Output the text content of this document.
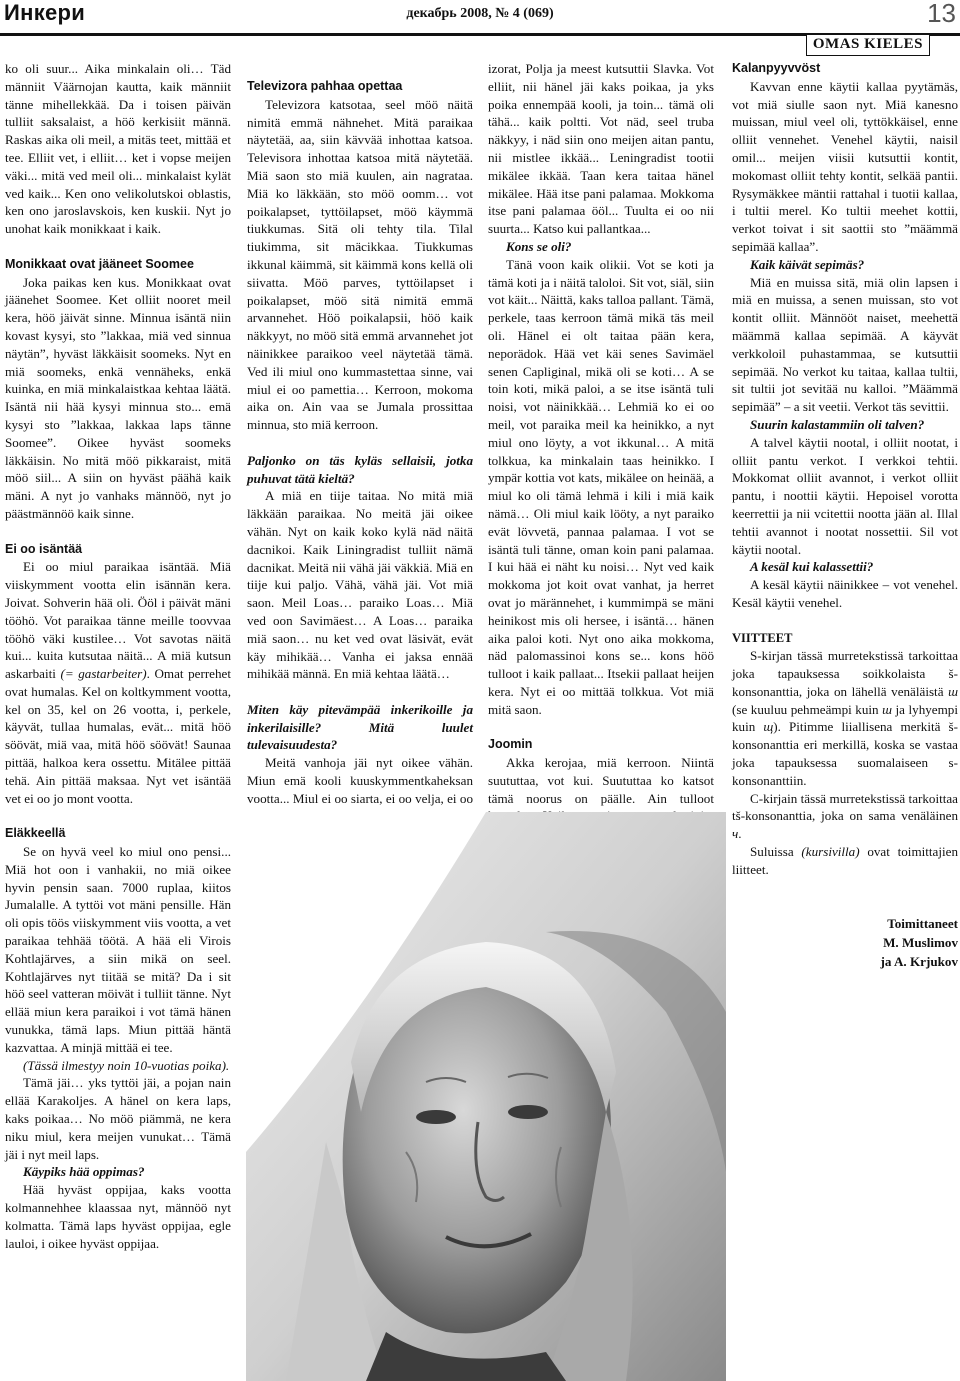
Инкери	декабрь 2008, № 4 (069)	13
OMAS KIELES

ko oli suur... Aika minkalain oli… Täd männiit Väärnojan kautta, kaik männiit tänne mihellekkää. Da i toisen päivän tulliit saksalaist, a höö kerkisiit männä. Raskas aika oli meil, a mitäs teet, mittää et tee. Elliit vet, i elliit… ket i vopse meijen väki... mitä ved meil oli... minkalaist kylät ved kaik... Ken ono velikolutskoi oblastis, ken ono jaroslavskois, ken kuskii. Nyt jo unohat kaik monikkaat i kaik.

Monikkaat ovat jääneet Soomee

Joka paikas ken kus. Monikkaat ovat jäänehet Soomee. Ket olliit nooret meil kera, höö jäivät sinne. Minnua isäntä niin kovast kysyi, sto ”lakkaa, miä ved sinnua näytän”, hyväst läkkäisit soomeks. Nyt en miä soomeks, enkä vennäheks, enkä kuinka, en miä minkalaistkaa kehtaa läätä. Isäntä nii hää kysyi minnua sto... emä kysyi sto ”lakkaa, lakkaa laps tänne Soomee”. Oikee hyväst soomeks läkkäisin. No mitä möö pikkaraist, mitä möö siil... A siin on hyväst päähä kaik mäni. A nyt jo vanhaks männöö, nyt jo päästmännöö kaik sinne.

Ei oo isäntää

Ei oo miul paraikaa isäntää. Miä viiskymment vootta elin isännän kera. Joivat. Sohverin hää oli. Ööl i päivät mäni tööhö. Vot paraikaa tänne meille toovvaa tööhö väki kustilee… Vot savotas näitä kui... kuita kutsutaa näitä... A miä kutsun askarbaiti (= gastarbeiter). Omat perrehet ovat humalas. Kel on koltkymment vootta, kel on 35, kel on 26 vootta, i, perkele, käyvät, tullaa humalas, evät... mitä höö söövät, miä vaa, mitä höö söövät! Saunaa pittää, halkoa kera ossettu. Mitälee pittää tehä. Ain pittää maksaa. Nyt vet isäntää vet ei oo jo mont vootta.

Eläkkeellä

Se on hyvä veel ko miul ono pensi... Miä hot oon i vanhakii, no miä oikee hyvin pensin saan. 7000 ruplaa, kiitos Jumalalle. A tyttöi vot mäni pensille. Hän oli opis töös viiskymment viis vootta, a vet paraikaa tehhää töötä. A hää eli Virois Kohtlajärves, a siin mikä on seel. Kohtlajärves nyt tiitää se mitä? Da i sit höö seel vatteran möivät i tulliit tänne. Nyt ellää miun kera paraikoi i vot tämä hänen vunukka, tämä laps. Miun pittää häntä kazvattaa. A minjä mittää ei tee.

(Tässä ilmestyy noin 10-vuotias poika).

Tämä jäi… yks tyttöi jäi, a pojan nain ellää Karakoljes. A hänel on kera laps, kaks poikaa… No möö piämmä, ne kera niku miul, kera meijen vunukat… Tämä jäi i nyt meil laps.

Käypiks hää oppimas?

Hää hyväst oppijaa, kaks vootta kolmannehhee klaassaa nyt, männöö nyt kolmatta. Tämä laps hyväst oppijaa, egle lauloi, i oikee hyväst oppijaa.

Televizora pahhaa opettaa

Televizora katsotaa, seel möö näitä nimitä emmä nähnehet. Mitä paraikaa näytetää, aa, siin kävvää inhottaa katsoa. Televisora inhottaa katsoa mitä näytetää. Miä saon sto miä kuulen, ain nagrataa. Miä ko läkkään, sto möö oomm… vot poikalapset, tyttöilapset, möö käymmä tiukkumas. Sitä oli tehty tila. Tilal tiukimma, sit mäcikkaa. Tiukkumas ikkunal käimmä, sit käimmä kons kellä oli siivatta. Möö parves, tyttöilapset i poikalapset, möö sitä nimitä emmä arvannehet. Höö poikalapsii, höö kaik näkkyyt, no möö sitä emmä arvannehet jot näinikkee paraikoo veel näytetää tämä. Ved ili miul ono kummastettaa sinne, vai miul ei oo pamettia… Kerroon, mokoma aika on. Ain vaa se Jumala prossittaa minnua, sto miä kerroon.

Paljonko on täs kyläs sellaisii, jotka puhuvat tätä kieltä?

A miä en tiije taitaa. No mitä miä läkkään paraikaa. No meitä jäi oikee vähän. Nyt on kaik koko kylä näd näitä dacnikoi. Kaik Liningradist tulliit nämä dacnikat. Meitä nii vähä jäi väkkiä. Miä en tiije kui paljo. Vähä, vähä jäi. Vot miä saon. Meil Loas… paraiko Loas… Miä ved oon Savimäest… A Loas… paraika miä saon… nu ket ved ovat läsivät, evät käy mihikää… Vanha ei jaksa ennää mihikää männä. En miä kehtaa läätä…

Miten käy pitevämpää inkerikoille ja inkerilaisille? Mitä luulet tulevaisuudesta?

Meitä vanhoja jäi nyt oikee vähän. Miun emä kooli kuuskymmentkaheksan vootta... Miul ei oo siarta, ei oo velja, ei oo

izorat, Polja ja meest kutsuttii Slavka. Vot elliit, nii hänel jäi kaks poikaa, ja yks poika ennempää kooli, ja toin... tämä oli tähä... kaik poltti. Vot näd, seel truba näkkyy, i näd siin ono meijen aitan pantu, nii mistlee ikkää... Leningradist tootii mikälee ikkää. Taan kera taitaa hänel mikälee. Hää itse pani palamaa. Mokkoma itse pani palamaa ööl... Tuulta ei oo nii suurta... Katso kui pallantkaa...

Kons se oli?

Tänä voon kaik olikii. Vot se koti ja tämä koti ja i näitä taloloi. Sit vot, siäl, siin vot käit... Näittä, kaks talloa pallant. Tämä, perkele, taas kerroon tämä mikä täs meil oli. Hänel ei olt taitaa pään kera, neporädok. Hää vet käi senes Savimäel senen Capliginal, mikä oli se koti… A se toin koti, mikä paloi, a se itse isäntä tuli noisi, vot näinikkää… Lehmiä ko ei oo meil, vot paraika meil ka heinikko, a nyt miul ono löyty, a vot ikkunal… A mitä tolkkua, ka minkalain taas heinikko. I ympär kottia vot kats, mikälee on heinää, a miul ko oli tämä lehmä i kili i miä kaik nämä… Oli miul kaik lööty, a nyt paraiko evät lövvetä, pannaa palamaa. I vot se isäntä tuli tänne, oman koin pani palamaa. I kui hää ei näht ku noisi… Nyt ved kaik mokkoma jot koit ovat vanhat, ja herret ovat jo märännehet, i kummimpä se mäni heinikost mis oli hersee, i isäntä… hänen aika paloi koti. Nyt ono aika mokkoma, näd palomassinoi kons se... kons höö tulloot i kaik pallaat... Itsekii pallaat heijen kera. Nyt ei oo mittää tolkkua. Vot miä mitä saon.

Joomin

Akka kerojaa, miä kerroon. Niintä suututtaa, vot kui. Suututtaa ko katsot tämä noorus on päälle. Ain tulloot

Kalanpyyvvöst

Kavvan enne käytii kallaa pyytämäs, vot miä siulle saon nyt. Miä kanesno muissan, miul veel oli, tyttökkäisel, enne olliit vennehet. Venehel käytii, naisil omil... meijen viisii kutsuttii kontit, mokomast olliit tehty kontit, selkää pantii. Rysymäkkee mäntii rattahal i tuotii kallaa, i tultii merel. Ko tultii meehet kottii, verkot toivat i sit saottii sto ”määmmä sepimää kallaa”.

Kaik käivät sepimäs?

Miä en muissa sitä, miä olin lapsen i miä en muissa, a senen muissan, sto vot kontit olliit. Männööt naiset, meehettä määmmä kallaa sepimää. A käyvät verkkoloil puhastammaa, se kutsuttii sepimää. No verkot ku taitaa, kallaa tultii, sit tultii jot sevitää nu kalloi. ”Määmmä sepimää” – a sit veetii. Verkot täs sevittii.

Suurin kalastammiin oli talven?

A talvel käytii nootal, i olliit nootat, i olliit pantu verkot. I verkkoi tehtii. Mokkomat olliit avannot, i verkot olliit pantu, i noottii käytii. Hepoisel vorotta keerrettii ja nii vcitettii nootta jään al. Illal tehtii avannot i nootat nossettii. Sil vot käytii nootal.

A kesäl kui kalassettii?

A kesäl käytii näinikkee – vot venehel. Kesäl käytii venehel.

VIITTEET

S-kirjan tässä murretekstissä tarkoittaa joka tapauksessa soikkolaista š-konsonanttia, joka on lähellä venäläistä ш (se kuuluu pehmeämpi kuin ш ja lyhyempi kuin щ). Pitimme liiallisena merkitä š-konsonanttia eri merkillä, koska se vastaa joka tapauksessa suomalaiseen s-konsonanttiin.

C-kirjain tässä murretekstissä tarkoittaa tš-konsonanttia, joka on sama venäläinen ч.

Suluissa (kursivilla) ovat toimittajien liitteet.

Toimittaneet
M. Muslimov
ja A. Krjukov
